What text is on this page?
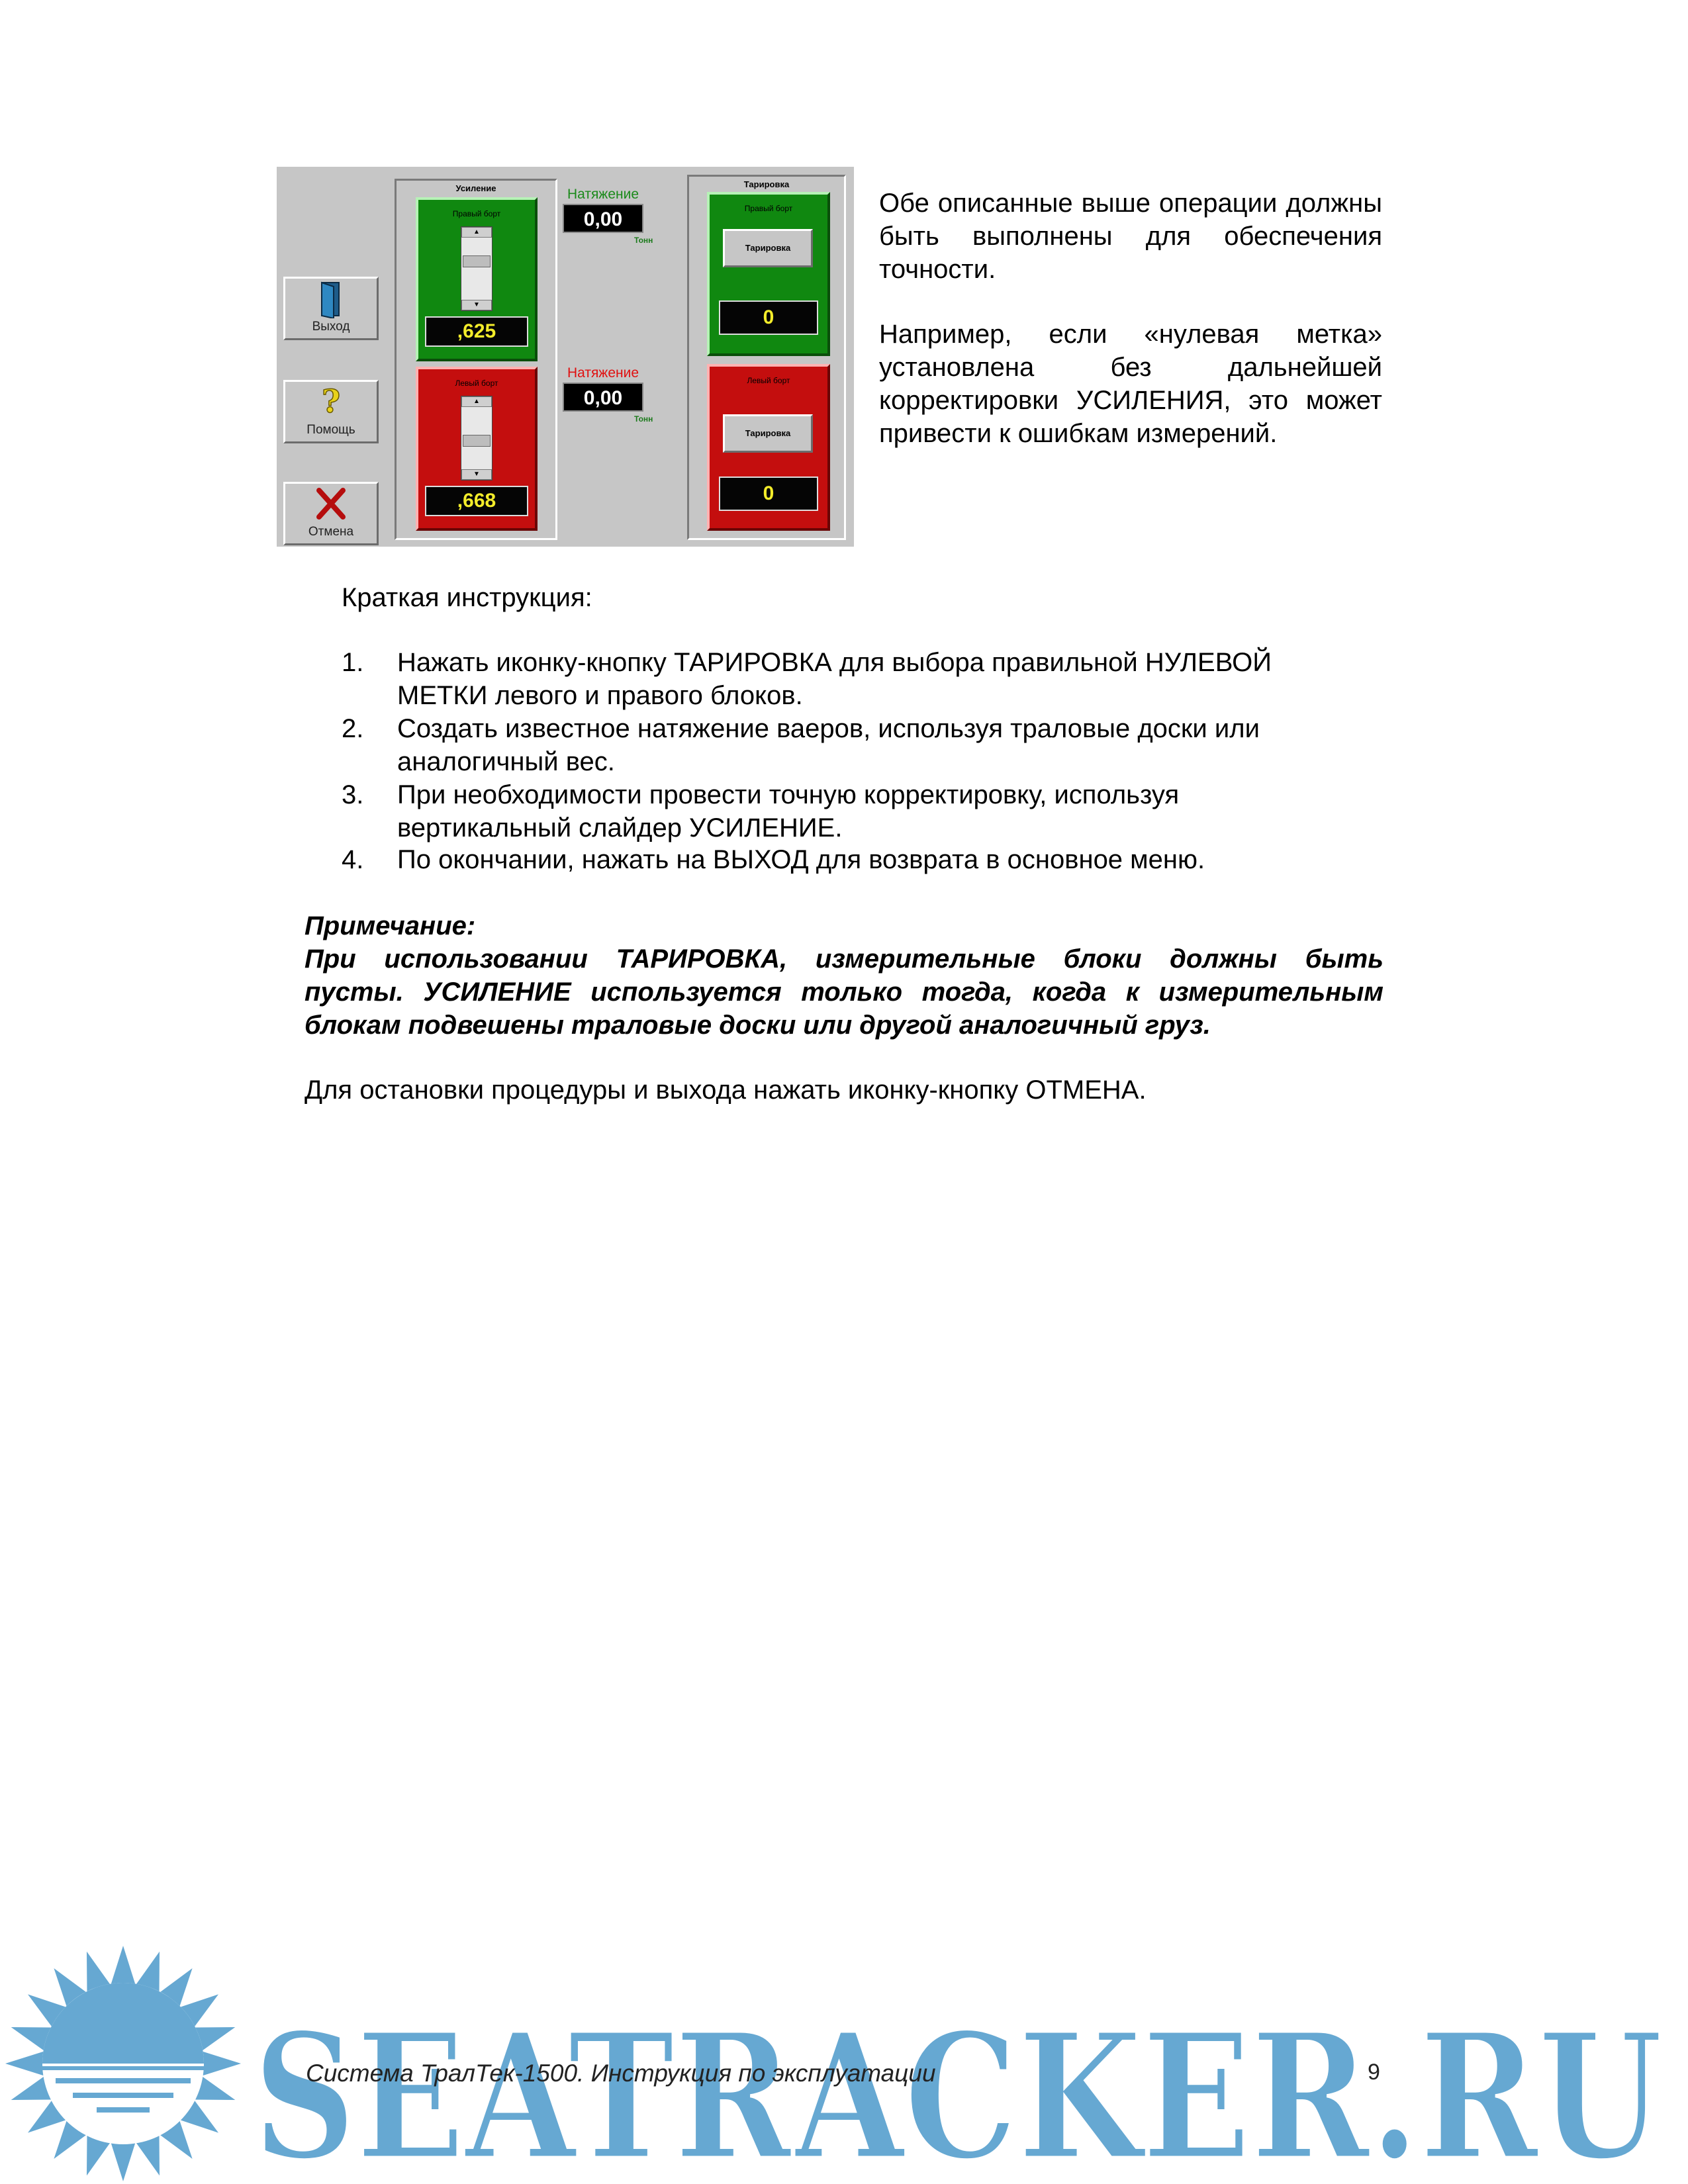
Выход
?
Помощь
Отмена
Усиление
Правый борт
▲
▼
,625
Левый борт
▲
▼
,668
Натяжение
0,00
Тонн
Натяжение
0,00
Тонн
Тарировка
Правый борт
Тарировка
0
Левый борт
Тарировка
0
Обе описанные выше операции должны быть выполнены для обеспечения точности.
Например, если «нулевая метка» установлена без дальнейшей корректировки УСИЛЕНИЯ, это может привести к ошибкам измерений.
Краткая инструкция:
1. Нажать иконку-кнопку ТАРИРОВКА для выбора правильной НУЛЕВОЙ
МЕТКИ левого и правого блоков.
2. Создать известное натяжение ваеров, используя траловые доски или
аналогичный вес.
3. При необходимости провести точную корректировку, используя
вертикальный слайдер УСИЛЕНИЕ.
4. По окончании, нажать на ВЫХОД для возврата в основное меню.
Примечание:
При использовании ТАРИРОВКА, измерительные блоки должны быть
пусты. УСИЛЕНИЕ используется только тогда, когда к измерительным
блокам подвешены траловые доски или другой аналогичный груз.
Для остановки процедуры и выхода нажать иконку-кнопку ОТМЕНА.
SEATRACKER.RU
Система ТралТек-1500. Инструкция по эксплуатации	9
